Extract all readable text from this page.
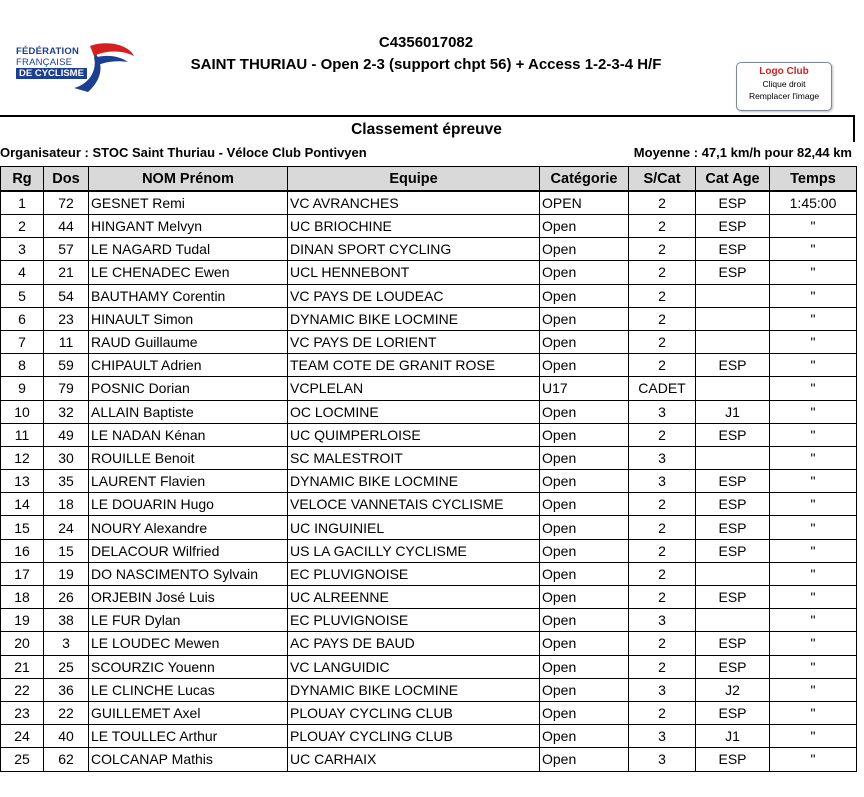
FÉDÉRATION
FRANÇAISE
DE CYCLISME
C4356017082
SAINT THURIAU - Open 2-3 (support chpt 56) + Access 1-2-3-4 H/F	Logo Club
Clique droit
Remplacer l'image
Classement épreuve
Organisateur : STOC Saint Thuriau - Véloce Club Pontivyen	Moyenne : 47,1 km/h pour 82,44 km
Rg	Dos	NOM Prénom	Equipe	Catégorie	S/Cat	Cat Age	Temps
1	72	GESNET Remi	VC AVRANCHES	OPEN	2	ESP	1:45:00
2	44	HINGANT Melvyn	UC BRIOCHINE	Open	2	ESP	"
3	57	LE NAGARD Tudal	DINAN SPORT CYCLING	Open	2	ESP	"
4	21	LE CHENADEC Ewen	UCL HENNEBONT	Open	2	ESP	"
5	54	BAUTHAMY Corentin	VC PAYS DE LOUDEAC	Open	2		"
6	23	HINAULT Simon	DYNAMIC BIKE LOCMINE	Open	2		"
7	11	RAUD Guillaume	VC PAYS DE LORIENT	Open	2		"
8	59	CHIPAULT Adrien	TEAM COTE DE GRANIT ROSE	Open	2	ESP	"
9	79	POSNIC Dorian	VCPLELAN	U17	CADET		"
10	32	ALLAIN Baptiste	OC LOCMINE	Open	3	J1	"
11	49	LE NADAN Kénan	UC QUIMPERLOISE	Open	2	ESP	"
12	30	ROUILLE Benoit	SC MALESTROIT	Open	3		"
13	35	LAURENT Flavien	DYNAMIC BIKE LOCMINE	Open	3	ESP	"
14	18	LE DOUARIN Hugo	VELOCE VANNETAIS CYCLISME	Open	2	ESP	"
15	24	NOURY Alexandre	UC INGUINIEL	Open	2	ESP	"
16	15	DELACOUR Wilfried	US LA GACILLY CYCLISME	Open	2	ESP	"
17	19	DO NASCIMENTO Sylvain	EC PLUVIGNOISE	Open	2		"
18	26	ORJEBIN José Luis	UC ALREENNE	Open	2	ESP	"
19	38	LE FUR Dylan	EC PLUVIGNOISE	Open	3		"
20	3	LE LOUDEC Mewen	AC PAYS DE BAUD	Open	2	ESP	"
21	25	SCOURZIC Youenn	VC LANGUIDIC	Open	2	ESP	"
22	36	LE CLINCHE Lucas	DYNAMIC BIKE LOCMINE	Open	3	J2	"
23	22	GUILLEMET Axel	PLOUAY CYCLING CLUB	Open	2	ESP	"
24	40	LE TOULLEC Arthur	PLOUAY CYCLING CLUB	Open	3	J1	"
25	62	COLCANAP Mathis	UC CARHAIX	Open	3	ESP	"
